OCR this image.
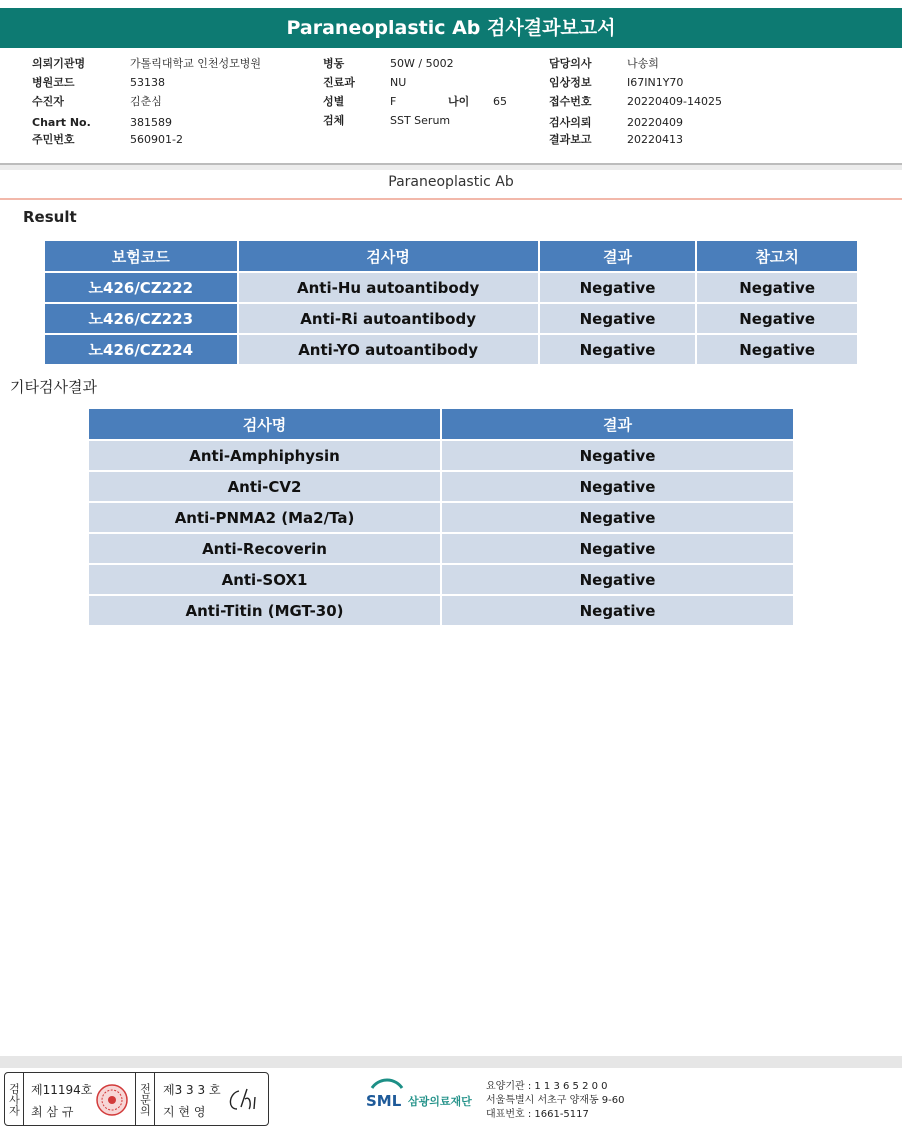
Paraneoplastic Ab 검사결과보고서
의뢰기관명	가톨릭대학교 인천성모병원
병원코드	53138
수진자	김춘심
Chart No.	381589
주민번호	560901-2
병동	50W / 5002
진료과	NU
성별	F	나이 65
검체	SST Serum
담당의사	나송희
임상정보	I67IN1Y70
접수번호	20220409-14025
검사의뢰	20220409
결과보고	20220413
Paraneoplastic Ab
Result
보험코드	검사명	결과	참고치
노426/CZ222	Anti-Hu autoantibody	Negative	Negative
노426/CZ223	Anti-Ri autoantibody	Negative	Negative
노426/CZ224	Anti-YO autoantibody	Negative	Negative
기타검사결과
검사명	결과
Anti-Amphiphysin	Negative
Anti-CV2	Negative
Anti-PNMA2 (Ma2/Ta)	Negative
Anti-Recoverin	Negative
Anti-SOX1	Negative
Anti-Titin (MGT-30)	Negative
검사자 제11194호
최 삼 규	전문의 제3 3 3 호
지 현 영
SML 삼광의료재단
요양기관 : 1 1 3 6 5 2 0 0
서울특별시 서초구 양재동 9-60
대표번호 : 1661-5117
